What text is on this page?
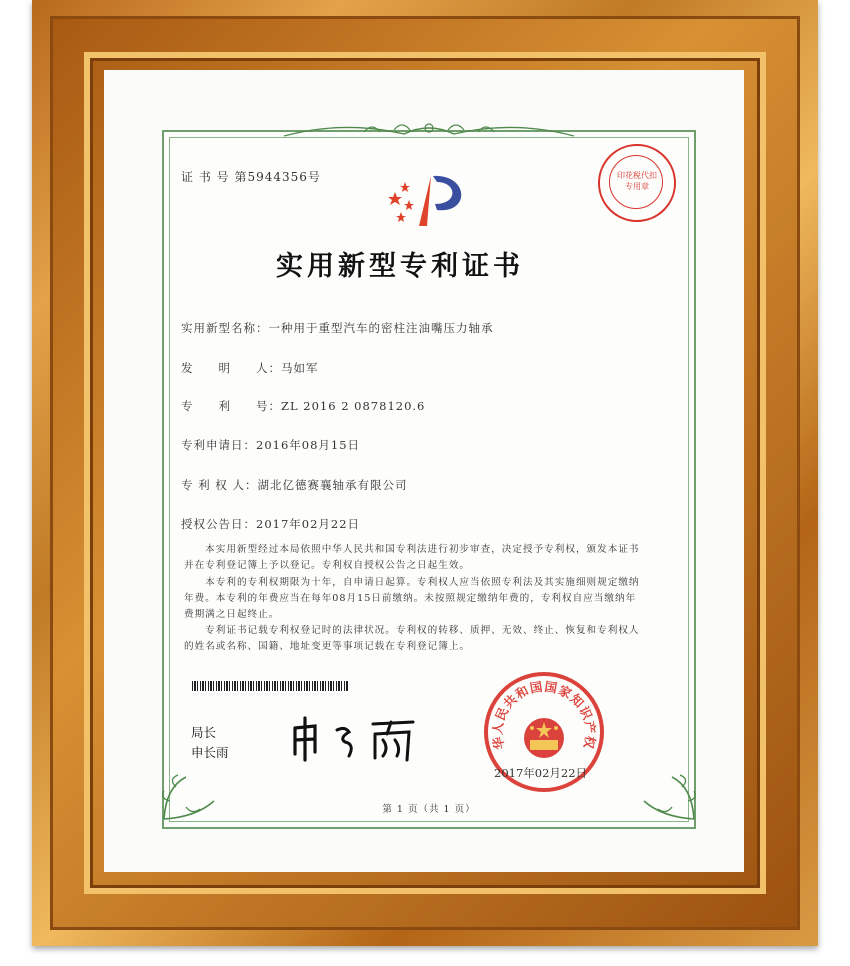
证 书 号 第5944356号	印花税代扣专用章
实用新型专利证书
实用新型名称：一种用于重型汽车的密柱注油嘴压力轴承
发　　明　　人：马如军
专　　利　　号：ZL 2016 2 0878120.6
专利申请日：2016年08月15日
专 利 权 人：湖北亿德赛襄轴承有限公司
授权公告日：2017年02月22日
　　本实用新型经过本局依照中华人民共和国专利法进行初步审查，决定授予专利权，颁发本证书并在专利登记簿上予以登记。专利权自授权公告之日起生效。
　　本专利的专利权期限为十年，自申请日起算。专利权人应当依照专利法及其实施细则规定缴纳年费。本专利的年费应当在每年08月15日前缴纳。未按照规定缴纳年费的，专利权自应当缴纳年费期满之日起终止。
　　专利证书记载专利权登记时的法律状况。专利权的转移、质押、无效、终止、恢复和专利权人的姓名或名称、国籍、地址变更等事项记载在专利登记簿上。
局长
申长雨
中华人民共和国国家知识产权局
2017年02月22日
第 1 页（共 1 页）
